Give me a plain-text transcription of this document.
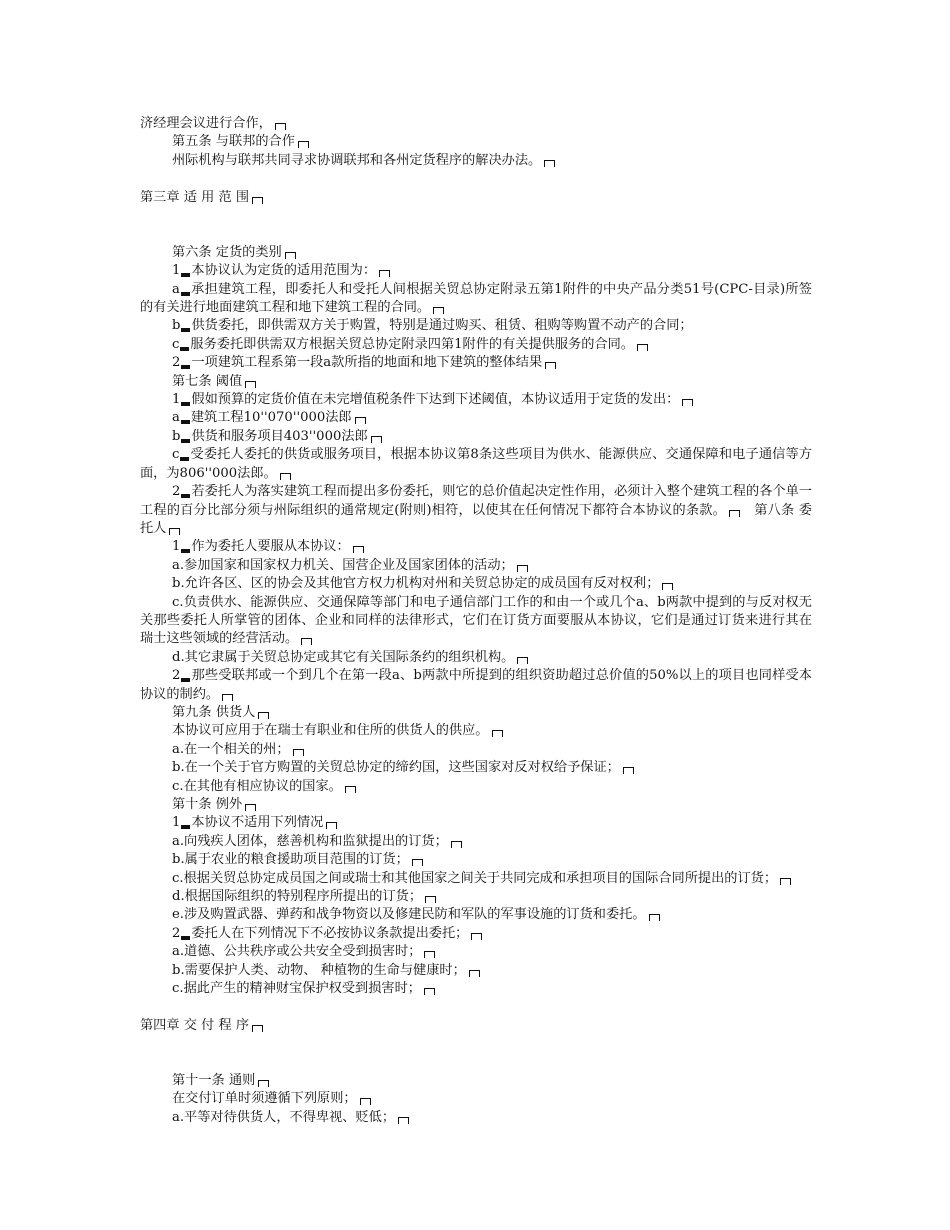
济经理会议进行合作，
第五条 与联邦的合作
州际机构与联邦共同寻求协调联邦和各州定货程序的解决办法。
第三章 适 用 范 围
第六条 定货的类别
1 本协议认为定货的适用范围为：
a 承担建筑工程，即委托人和受托人间根据关贸总协定附录五第1附件的中央产品分类51号(CPC-目录)所签的有关进行地面建筑工程和地下建筑工程的合同。
b 供货委托，即供需双方关于购置，特别是通过购买、租赁、租购等购置不动产的合同；
c 服务委托即供需双方根据关贸总协定附录四第1附件的有关提供服务的合同。
2 一项建筑工程系第一段a款所指的地面和地下建筑的整体结果
第七条 阈值
1 假如预算的定货价值在未完增值税条件下达到下述阈值，本协议适用于定货的发出：
a 建筑工程10''070''000法郎
b 供货和服务项目403''000法郎
c 受委托人委托的供货或服务项目，根据本协议第8条这些项目为供水、能源供应、交通保障和电子通信等方面，为806''000法郎。
2 若委托人为落实建筑工程而提出多份委托，则它的总价值起决定性作用，必须计入整个建筑工程的各个单一工程的百分比部分须与州际组织的通常规定(附则)相符，以使其在任何情况下都符合本协议的条款。 第八条 委托人
1 作为委托人要服从本协议：
a.参加国家和国家权力机关、国营企业及国家团体的活动；
b.允许各区、区的协会及其他官方权力机构对州和关贸总协定的成员国有反对权利；
c.负责供水、能源供应、交通保障等部门和电子通信部门工作的和由一个或几个a、b两款中提到的与反对权无关那些委托人所掌管的团体、企业和同样的法律形式，它们在订货方面要服从本协议，它们是通过订货来进行其在瑞士这些领域的经营活动。
d.其它隶属于关贸总协定或其它有关国际条约的组织机构。
2 那些受联邦或一个到几个在第一段a、b两款中所提到的组织资助超过总价值的50%以上的项目也同样受本协议的制约。
第九条 供货人
本协议可应用于在瑞士有职业和住所的供货人的供应。
a.在一个相关的州；
b.在一个关于官方购置的关贸总协定的缔约国，这些国家对反对权给予保证；
c.在其他有相应协议的国家。
第十条 例外
1 本协议不适用下列情况
a.向残疾人团体，慈善机构和监狱提出的订货；
b.属于农业的粮食援助项目范围的订货；
c.根据关贸总协定成员国之间或瑞士和其他国家之间关于共同完成和承担项目的国际合同所提出的订货；
d.根据国际组织的特别程序所提出的订货；
e.涉及购置武器、弹药和战争物资以及修建民防和军队的军事设施的订货和委托。
2 委托人在下列情况下不必按协议条款提出委托；
a.道德、公共秩序或公共安全受到损害时；
b.需要保护人类、动物、 种植物的生命与健康时；
c.据此产生的精神财宝保护权受到损害时；
第四章 交 付 程 序
第十一条 通则
在交付订单时须遵循下列原则；
a.平等对待供货人，不得卑视、贬低；
